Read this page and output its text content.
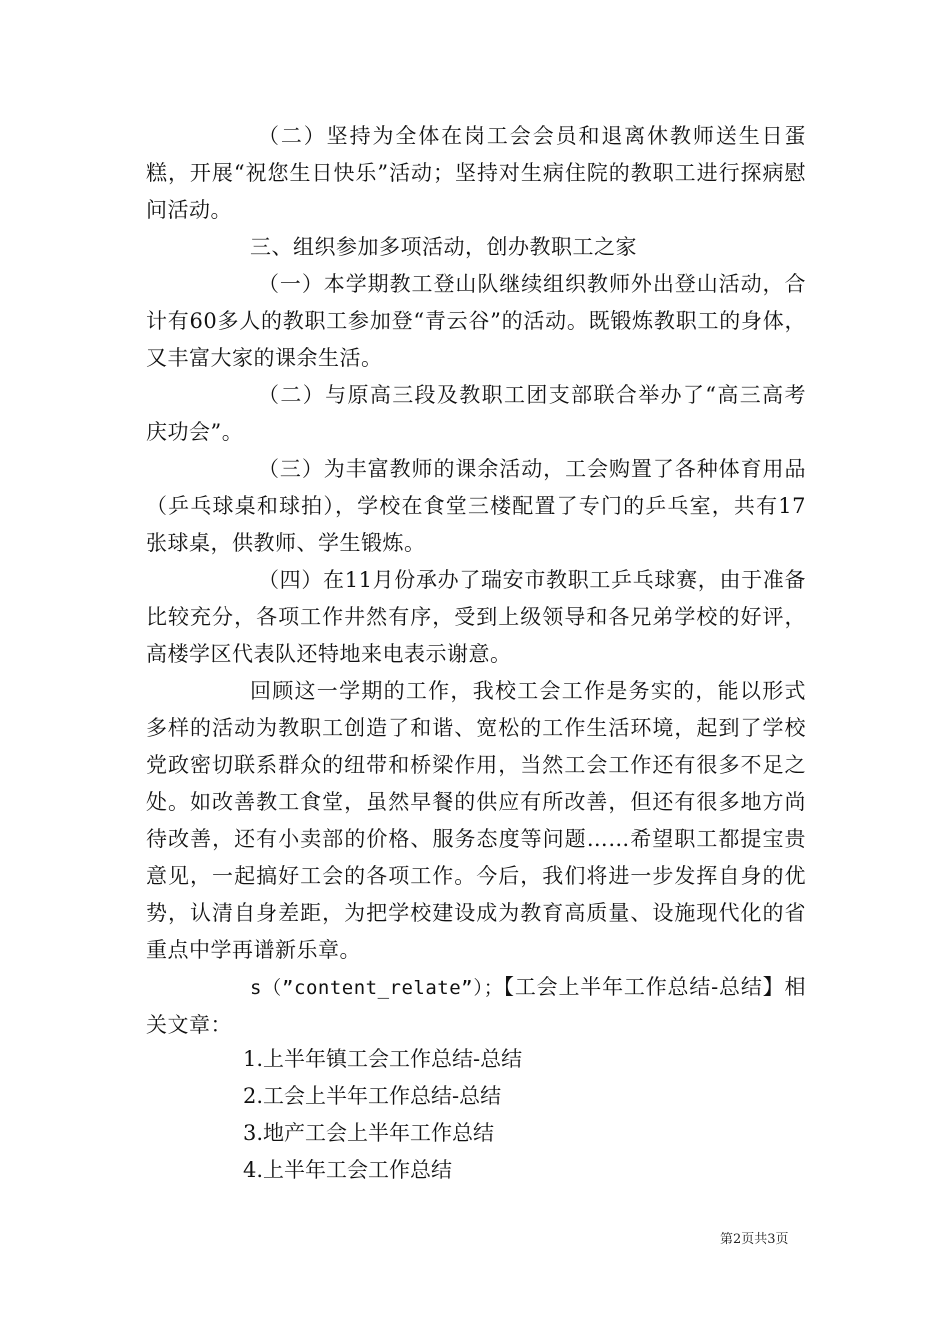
（二）坚持为全体在岗工会会员和退离休教师送生日蛋糕，开展“祝您生日快乐”活动；坚持对生病住院的教职工进行探病慰问活动。

三、组织参加多项活动，创办教职工之家

（一）本学期教工登山队继续组织教师外出登山活动，合计有60多人的教职工参加登“青云谷”的活动。既锻炼教职工的身体，又丰富大家的课余生活。

（二）与原高三段及教职工团支部联合举办了“高三高考庆功会”。

（三）为丰富教师的课余活动，工会购置了各种体育用品（乒乓球桌和球拍），学校在食堂三楼配置了专门的乒乓室，共有17张球桌，供教师、学生锻炼。

（四）在11月份承办了瑞安市教职工乒乓球赛，由于准备比较充分，各项工作井然有序，受到上级领导和各兄弟学校的好评，高楼学区代表队还特地来电表示谢意。

回顾这一学期的工作，我校工会工作是务实的，能以形式多样的活动为教职工创造了和谐、宽松的工作生活环境，起到了学校党政密切联系群众的纽带和桥梁作用，当然工会工作还有很多不足之处。如改善教工食堂，虽然早餐的供应有所改善，但还有很多地方尚待改善，还有小卖部的价格、服务态度等问题……希望职工都提宝贵意见，一起搞好工会的各项工作。今后，我们将进一步发挥自身的优势，认清自身差距，为把学校建设成为教育高质量、设施现代化的省重点中学再谱新乐章。

s（”content_relate”）；【工会上半年工作总结-总结】相关文章：

1.上半年镇工会工作总结-总结
2.工会上半年工作总结-总结
3.地产工会上半年工作总结
4.上半年工会工作总结
第2页共3页
